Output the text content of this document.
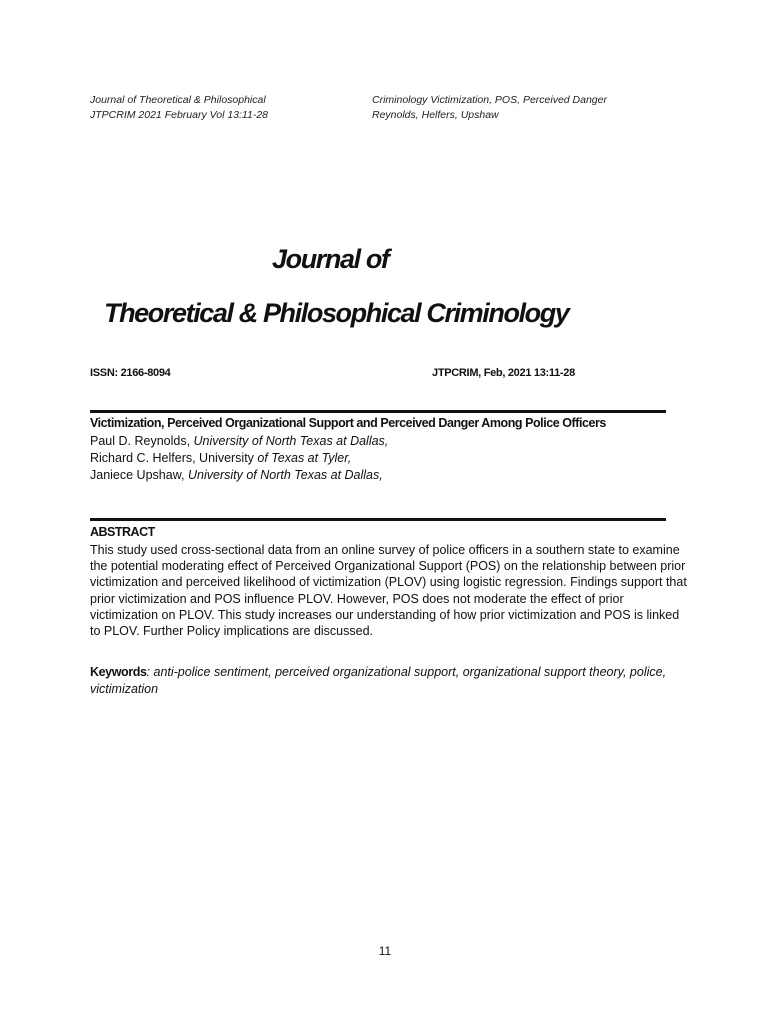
Journal of Theoretical & Philosophical
JTPCRIM 2021 February Vol 13:11-28
Criminology Victimization, POS, Perceived Danger
Reynolds, Helfers, Upshaw
Journal of
Theoretical & Philosophical Criminology
ISSN: 2166-8094	JTPCRIM, Feb, 2021 13:11-28
Victimization, Perceived Organizational Support and Perceived Danger Among Police Officers
Paul D. Reynolds, University of North Texas at Dallas,
Richard C. Helfers, University of Texas at Tyler,
Janiece Upshaw, University of North Texas at Dallas,
ABSTRACT
This study used cross-sectional data from an online survey of police officers in a southern state to examine the potential moderating effect of Perceived Organizational Support (POS) on the relationship between prior victimization and perceived likelihood of victimization (PLOV) using logistic regression. Findings support that prior victimization and POS influence PLOV. However, POS does not moderate the effect of prior victimization on PLOV. This study increases our understanding of how prior victimization and POS is linked to PLOV. Further Policy implications are discussed.
Keywords: anti-police sentiment, perceived organizational support, organizational support theory, police, victimization
11
